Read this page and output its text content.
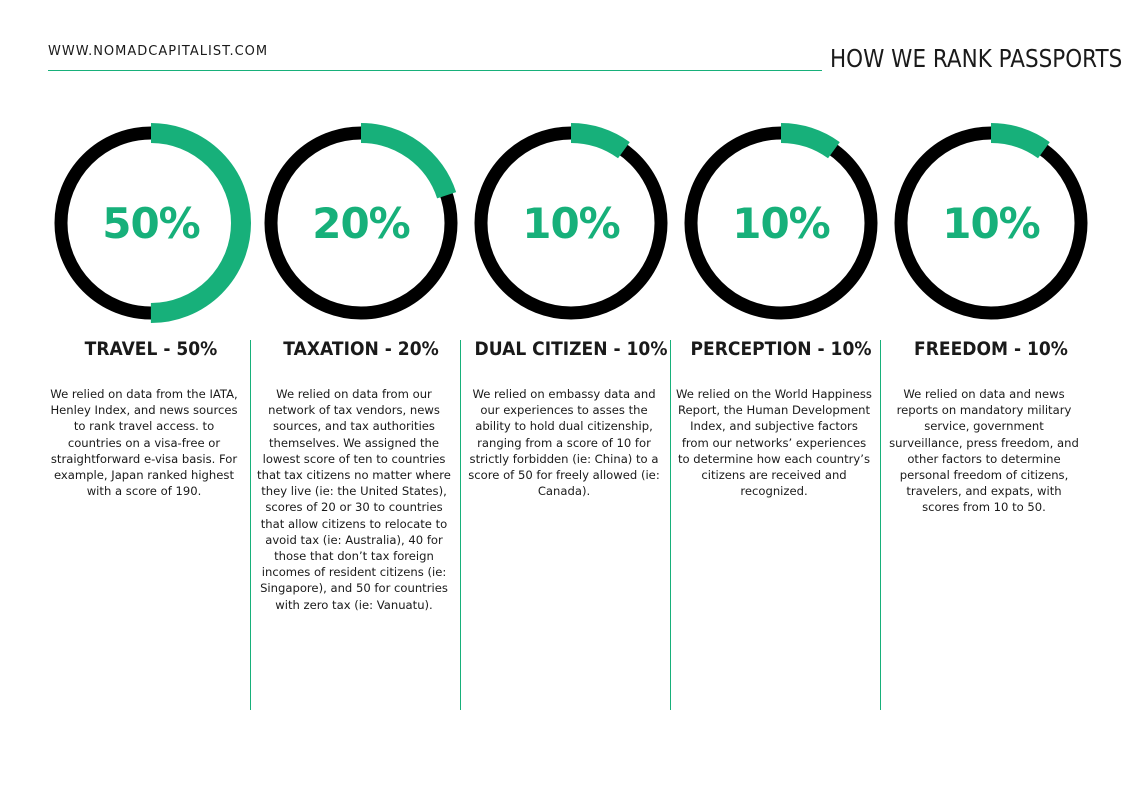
WWW.NOMADCAPITALIST.COM	HOW WE RANK PASSPORTS
50%
TRAVEL - 50%

We relied on data from the IATA, Henley Index, and news sources to rank travel access. to countries on a visa-free or straightforward e-visa basis. For example, Japan ranked highest with a score of 190.

20%
TAXATION - 20%

We relied on data from our network of tax vendors, news sources, and tax authorities themselves. We assigned the lowest score of ten to countries that tax citizens no matter where they live (ie: the United States), scores of 20 or 30 to countries that allow citizens to relocate to avoid tax (ie: Australia), 40 for those that don’t tax foreign incomes of resident citizens (ie: Singapore), and 50 for countries with zero tax (ie: Vanuatu).

10%
DUAL CITIZEN - 10%

We relied on embassy data and our experiences to asses the ability to hold dual citizenship, ranging from a score of 10 for strictly forbidden (ie: China) to a score of 50 for freely allowed (ie: Canada).

10%
PERCEPTION - 10%

We relied on the World Happiness Report, the Human Development Index, and subjective factors from our networks’ experiences to determine how each country’s citizens are received and recognized.

10%
FREEDOM - 10%

We relied on data and news reports on mandatory military service, government surveillance, press freedom, and other factors to determine personal freedom of citizens, travelers, and expats, with scores from 10 to 50.
